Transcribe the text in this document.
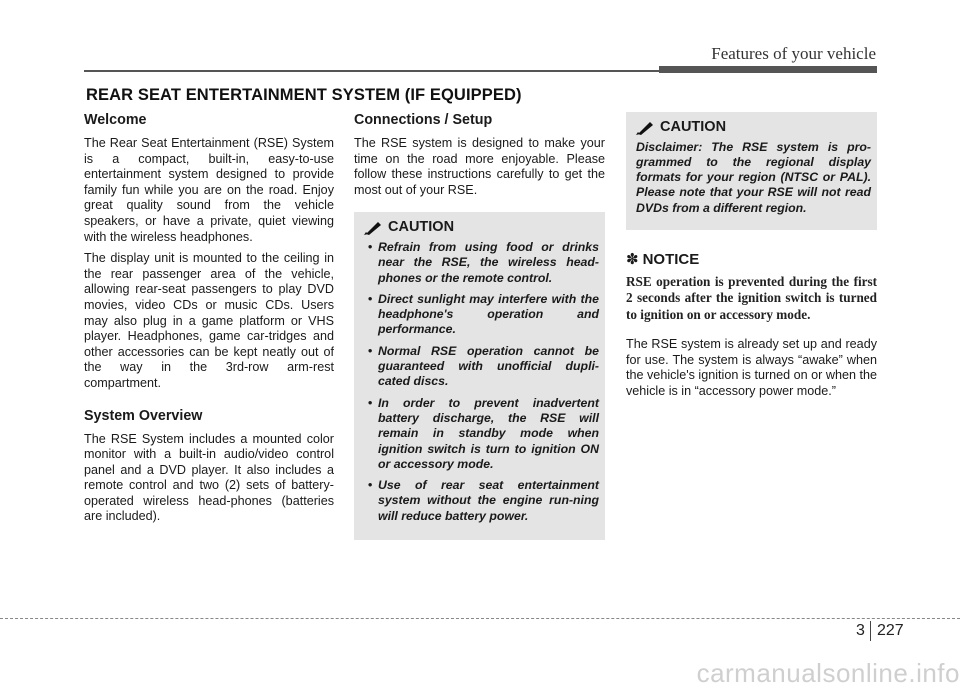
Features of your vehicle
REAR SEAT ENTERTAINMENT SYSTEM (IF EQUIPPED)
Welcome

The Rear Seat Entertainment (RSE) System is a compact, built-in, easy-to-use entertainment system designed to provide family fun while you are on the road. Enjoy great quality sound from the vehicle speakers, or have a private, quiet viewing with the wireless headphones.

The display unit is mounted to the ceiling in the rear passenger area of the vehicle, allowing rear-seat passengers to play DVD movies, video CDs or music CDs. Users may also plug in a game platform or VHS player. Headphones, game car-tridges and other accessories can be kept neatly out of the way in the 3rd-row arm-rest compartment.

System Overview

The RSE System includes a mounted color monitor with a built-in audio/video control panel and a DVD player. It also includes a remote control and two (2) sets of battery-operated wireless head-phones (batteries are included).

Connections / Setup

The RSE system is designed to make your time on the road more enjoyable. Please follow these instructions carefully to get the most out of your RSE.

CAUTION
• Refrain from using food or drinks near the RSE, the wireless head-phones or the remote control.
• Direct sunlight may interfere with the headphone's operation and performance.
• Normal RSE operation cannot be guaranteed with unofficial dupli-cated discs.
• In order to prevent inadvertent battery discharge, the RSE will remain in standby mode when ignition switch is turn to ignition ON or accessory mode.
• Use of rear seat entertainment system without the engine run-ning will reduce battery power.
CAUTION
Disclaimer: The RSE system is pro-grammed to the regional display formats for your region (NTSC or PAL). Please note that your RSE will not read DVDs from a different region.
✽ NOTICE

RSE operation is prevented during the first 2 seconds after the ignition switch is turned to ignition on or accessory mode.

The RSE system is already set up and ready for use. The system is always “awake” when the vehicle's ignition is turned on or when the vehicle is in “accessory power mode.”

3 227
carmanualsonline.info
